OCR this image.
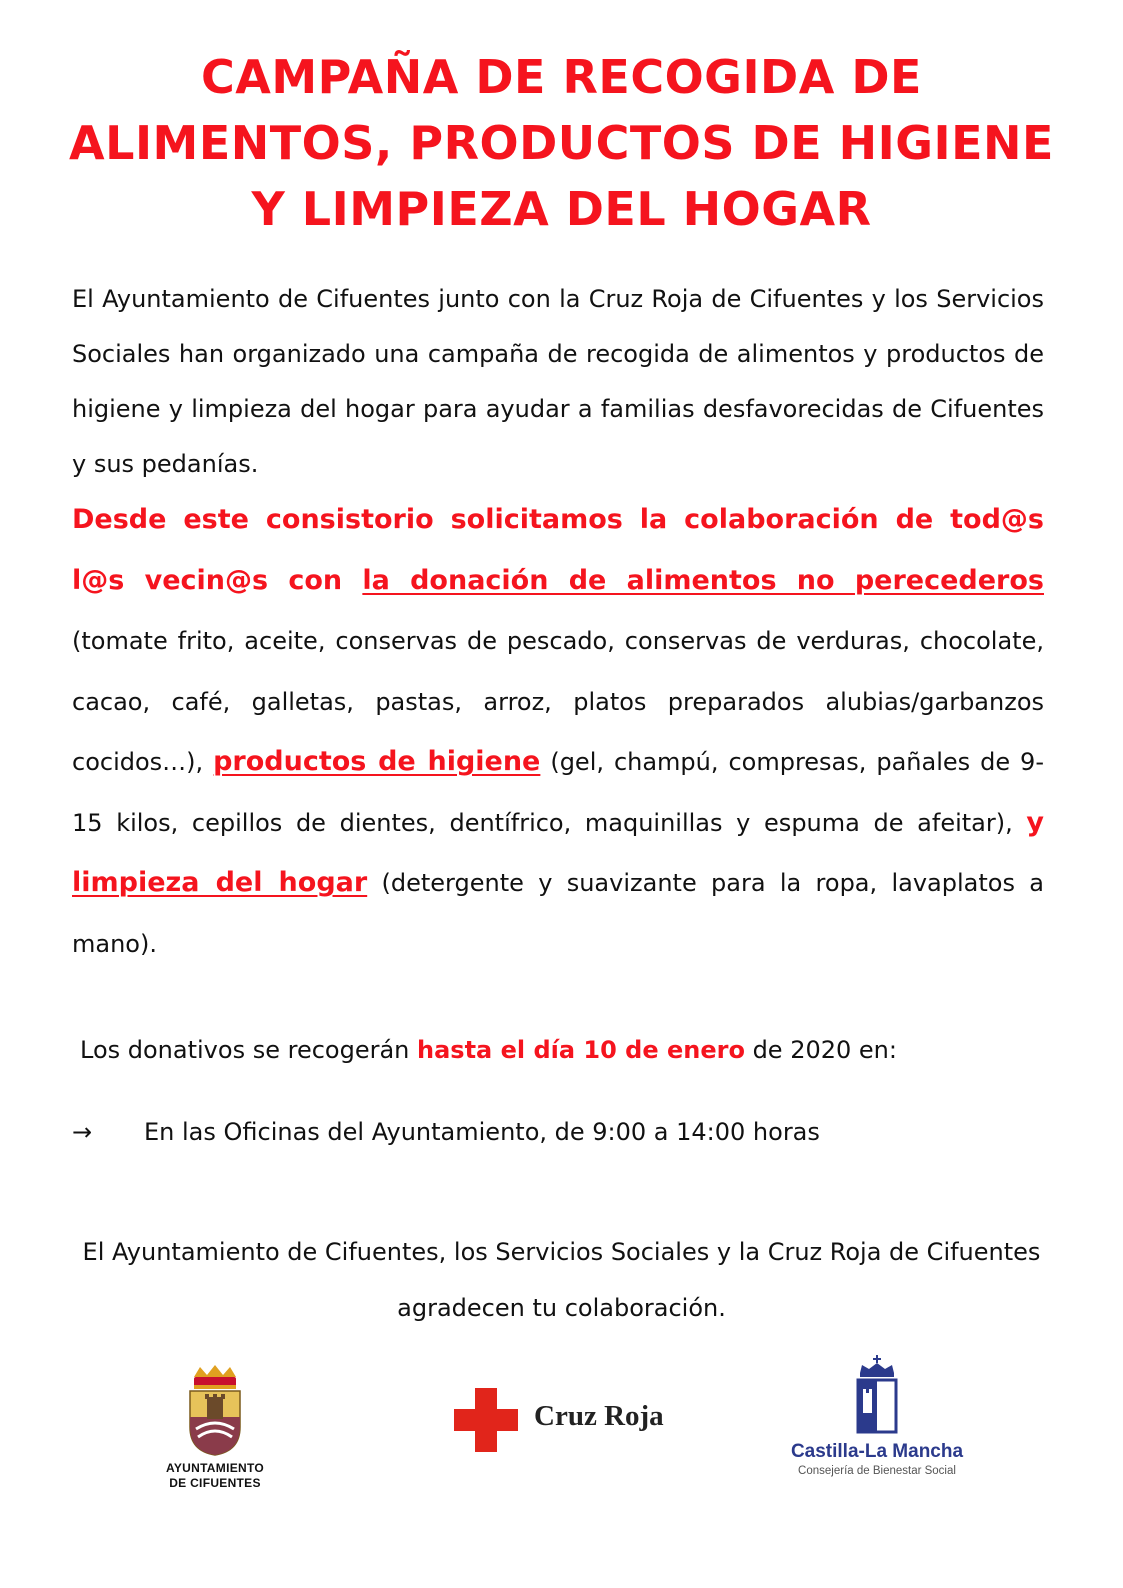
CAMPAÑA DE RECOGIDA DE
ALIMENTOS, PRODUCTOS DE HIGIENE
Y LIMPIEZA DEL HOGAR

El Ayuntamiento de Cifuentes junto con la Cruz Roja de Cifuentes y los Servicios Sociales han organizado una campaña de recogida de alimentos y productos de higiene y limpieza del hogar para ayudar a familias desfavorecidas de Cifuentes y sus pedanías.

Desde este consistorio solicitamos la colaboración de tod@s l@s vecin@s con la donación de alimentos no perecederos (tomate frito, aceite, conservas de pescado, conservas de verduras, chocolate, cacao, café, galletas, pastas, arroz, platos preparados alubias/garbanzos cocidos…), productos de higiene (gel, champú, compresas, pañales de 9-15 kilos, cepillos de dientes, dentífrico, maquinillas y espuma de afeitar), y limpieza del hogar (detergente y suavizante para la ropa, lavaplatos a mano).

Los donativos se recogerán hasta el día 10 de enero de 2020 en:
→ En las Oficinas del Ayuntamiento, de 9:00 a 14:00 horas
El Ayuntamiento de Cifuentes, los Servicios Sociales y la Cruz Roja de Cifuentes
agradecen tu colaboración.
AYUNTAMIENTO
DE CIFUENTES
Cruz Roja
Castilla-La Mancha
Consejería de Bienestar Social
